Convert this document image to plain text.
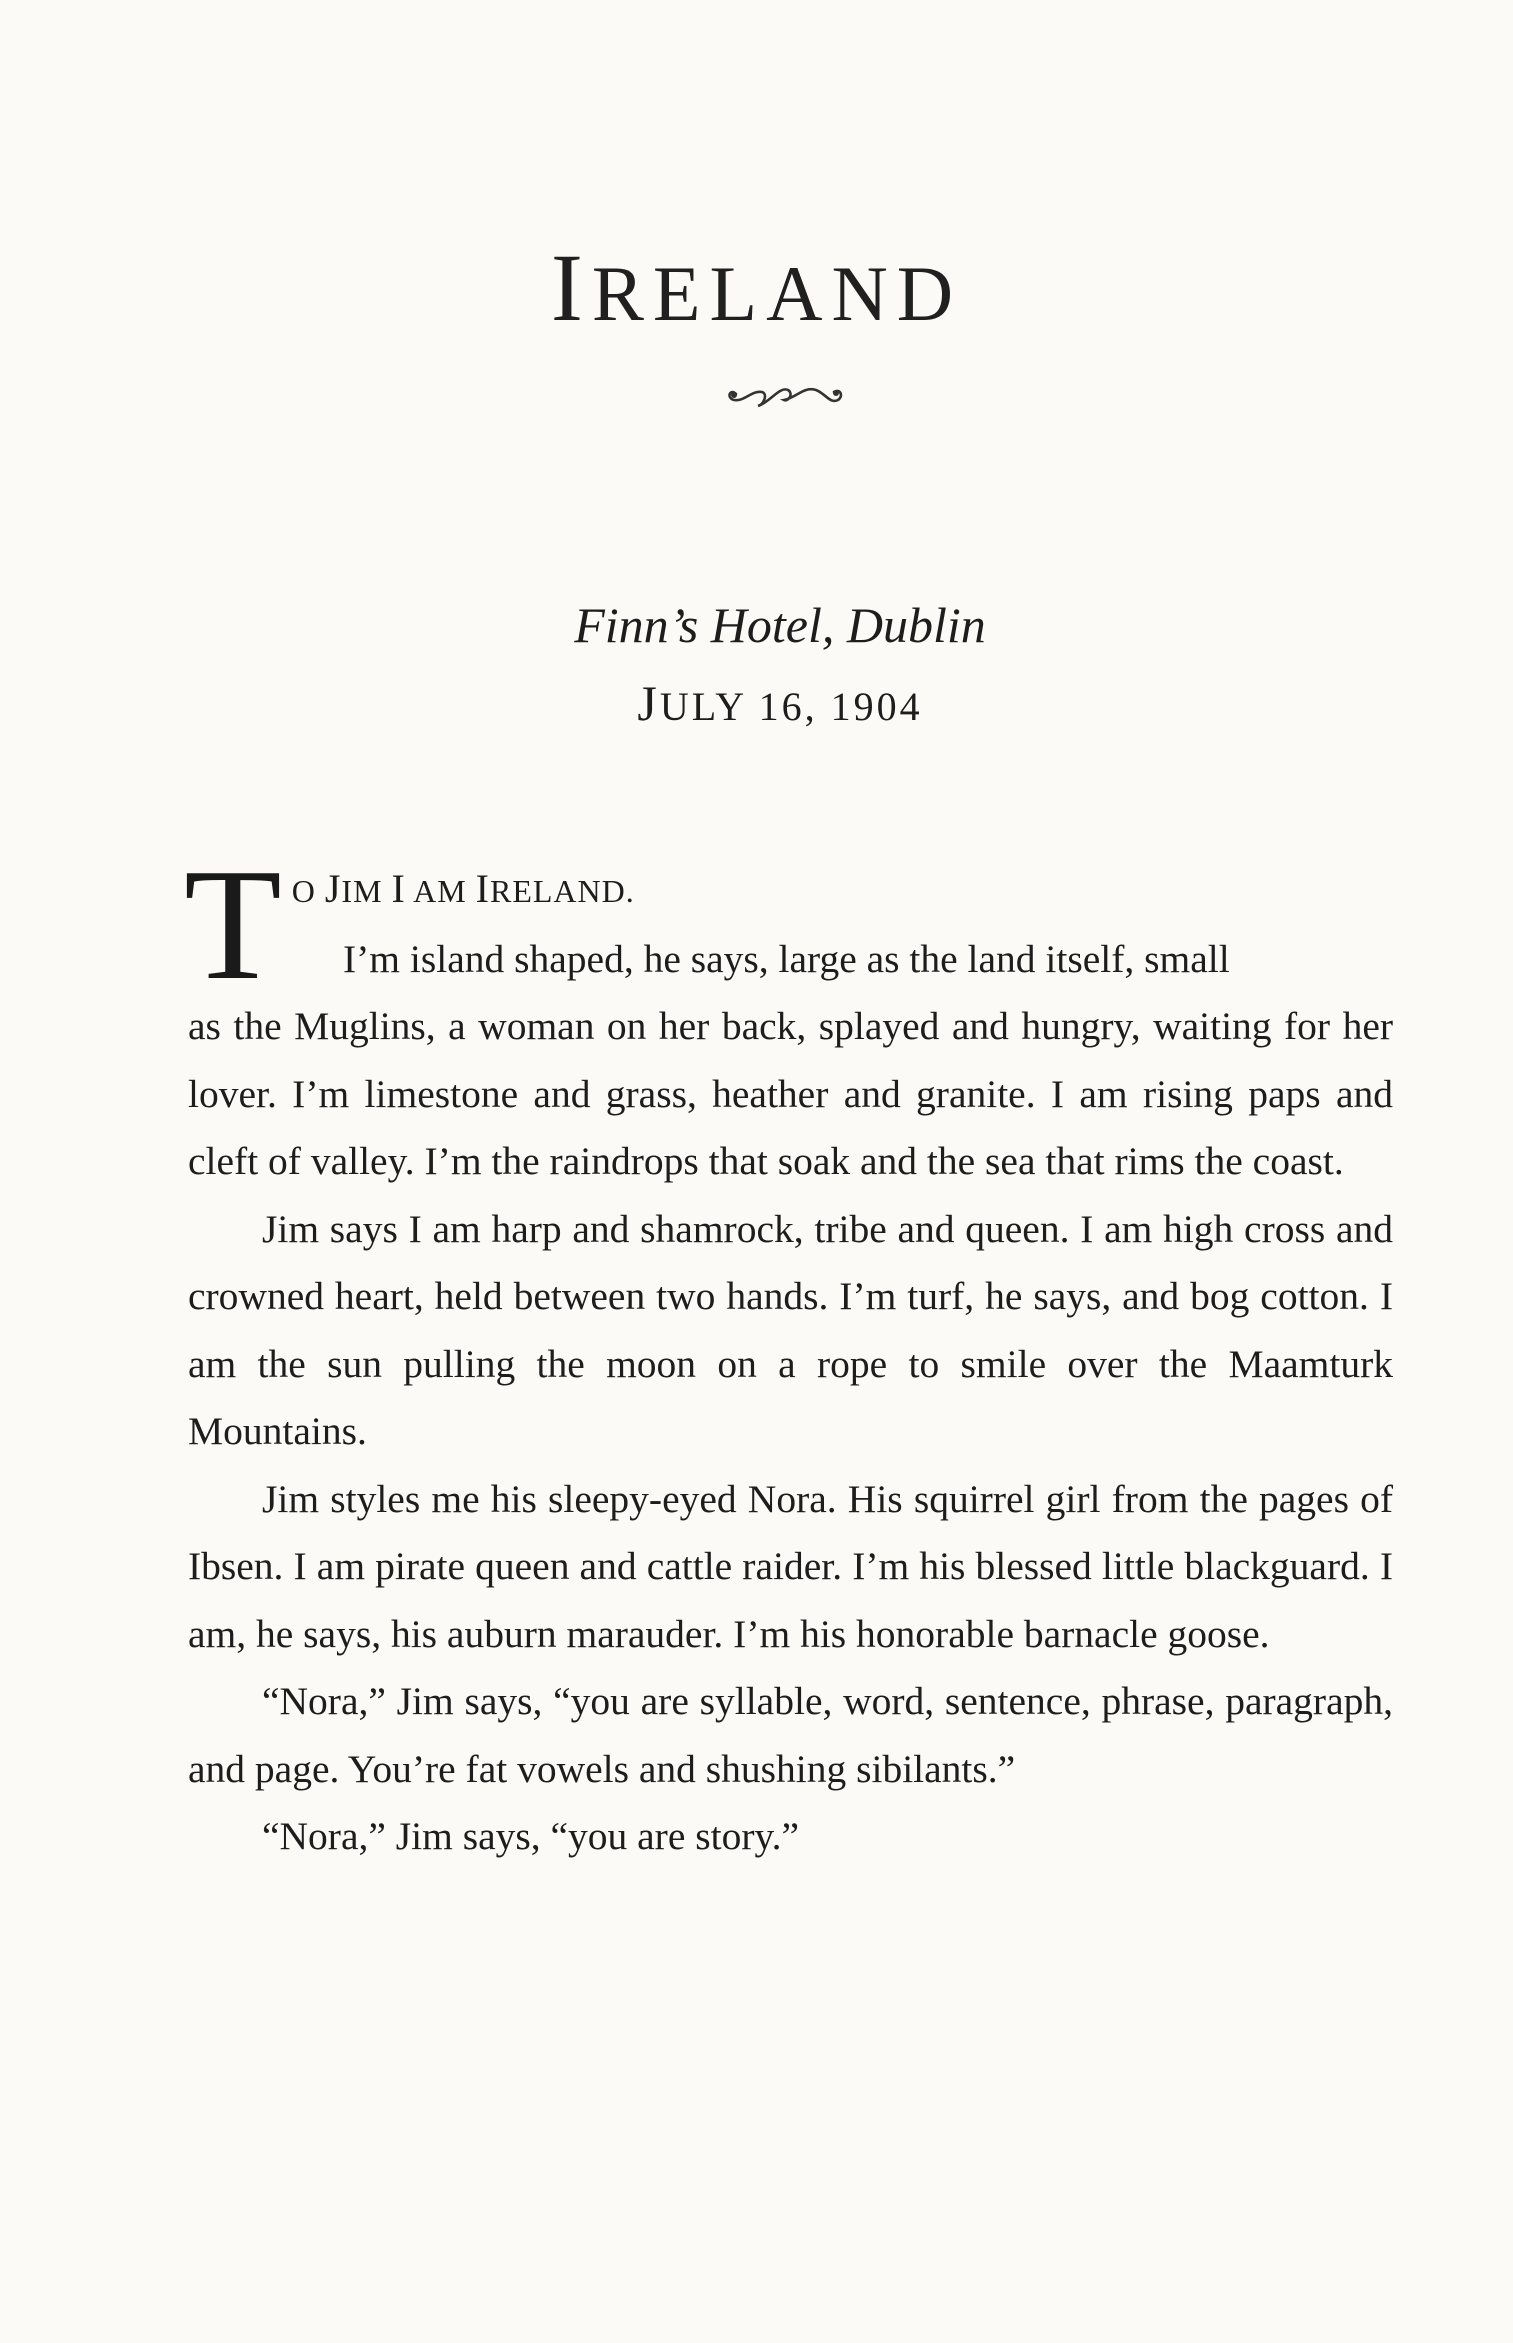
IRELAND
Finn’s Hotel, Dublin
JULY 16, 1904

T O JIM I AM IRELAND.
I’m island shaped, he says, large as the land itself, small
as the Muglins, a woman on her back, splayed and hungry, waiting for her lover. I’m limestone and grass, heather and granite. I am rising paps and cleft of valley. I’m the raindrops that soak and the sea that rims the coast.

Jim says I am harp and shamrock, tribe and queen. I am high cross and crowned heart, held between two hands. I’m turf, he says, and bog cotton. I am the sun pulling the moon on a rope to smile over the Maamturk Mountains.

Jim styles me his sleepy-eyed Nora. His squirrel girl from the pages of Ibsen. I am pirate queen and cattle raider. I’m his blessed little blackguard. I am, he says, his auburn marauder. I’m his honorable barnacle goose.

“Nora,” Jim says, “you are syllable, word, sentence, phrase, paragraph, and page. You’re fat vowels and shushing sibilants.”

“Nora,” Jim says, “you are story.”
